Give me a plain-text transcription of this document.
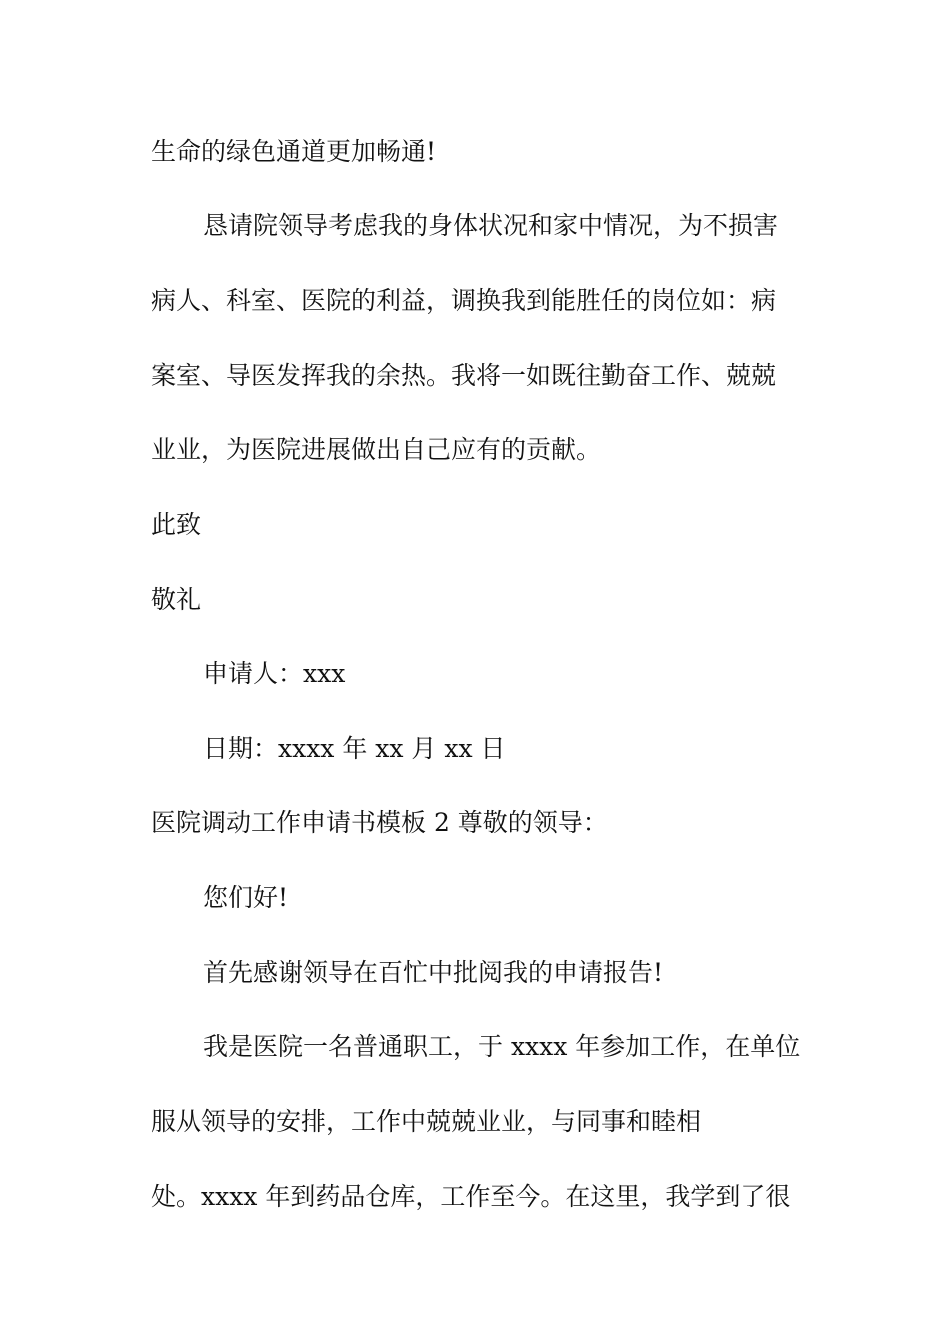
生命的绿色通道更加畅通!

恳请院领导考虑我的身体状况和家中情况，为不损害

病人、科室、医院的利益，调换我到能胜任的岗位如：病

案室、导医发挥我的余热。我将一如既往勤奋工作、兢兢

业业，为医院进展做出自己应有的贡献。

此致

敬礼

申请人：xxx

日期：xxxx 年 xx 月 xx 日

医院调动工作申请书模板 2 尊敬的领导：

您们好!

首先感谢领导在百忙中批阅我的申请报告!

我是医院一名普通职工，于 xxxx 年参加工作，在单位

服从领导的安排，工作中兢兢业业，与同事和睦相

处。xxxx 年到药品仓库，工作至今。在这里，我学到了很
